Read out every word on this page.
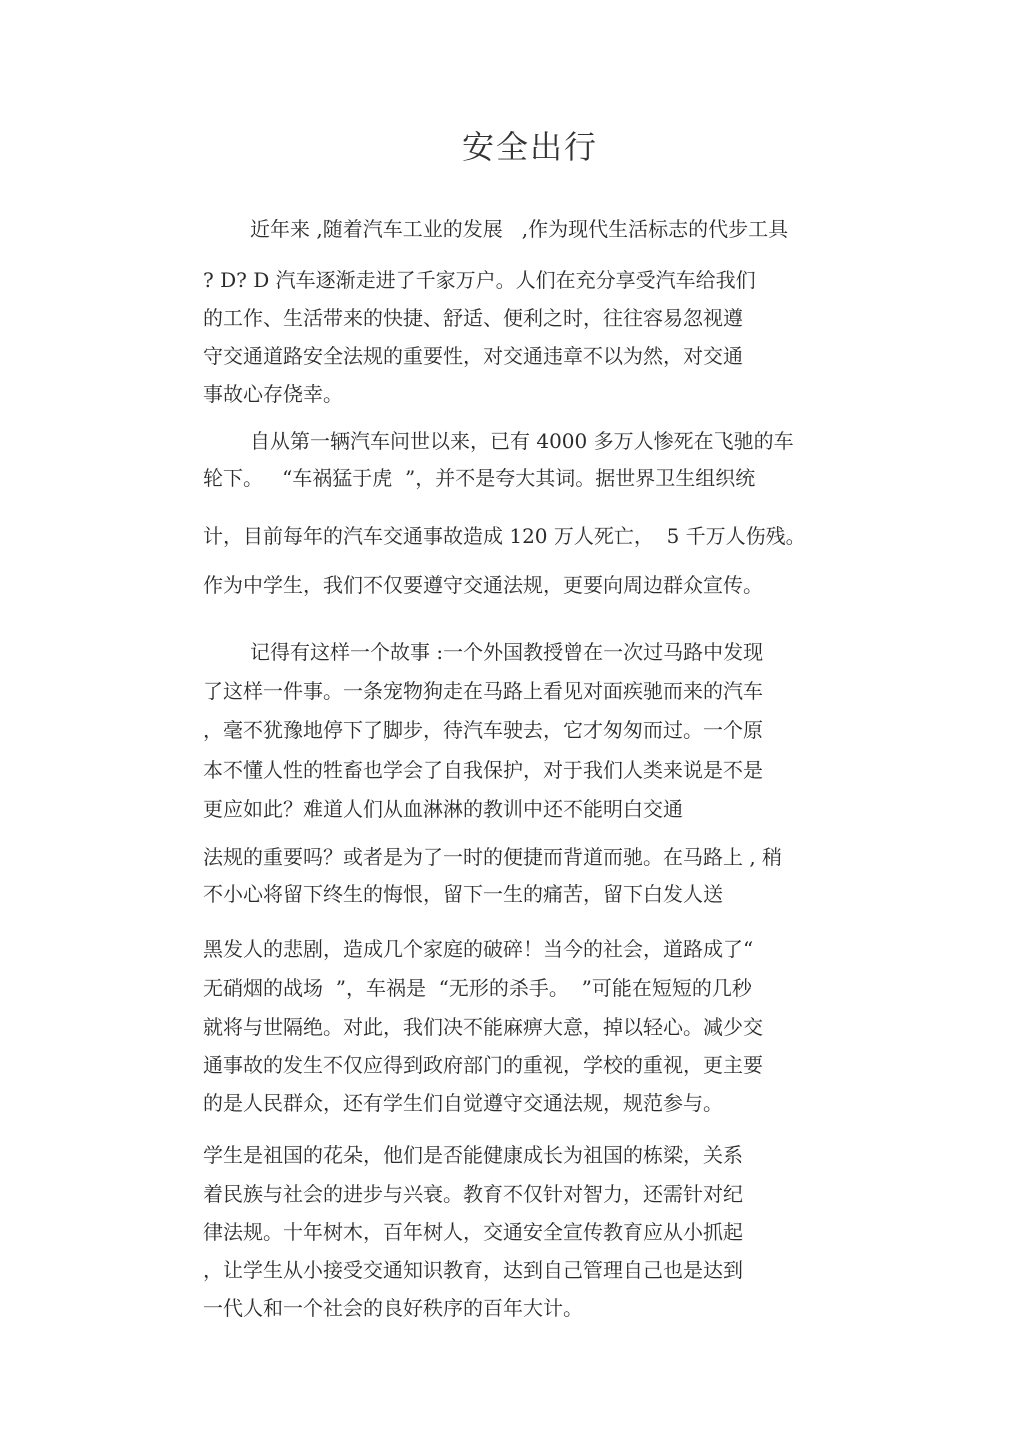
安全出行

近年来 ,随着汽车工业的发展   ,作为现代生活标志的代步工具

? D? D 汽车逐渐走进了千家万户。人们在充分享受汽车给我们

的工作、生活带来的快捷、舒适、便利之时，往往容易忽视遵

守交通道路安全法规的重要性，对交通违章不以为然，对交通

事故心存侥幸。

自从第一辆汽车问世以来，已有 4000 多万人惨死在飞驰的车

轮下。   “车祸猛于虎  ”，并不是夸大其词。据世界卫生组织统

计，目前每年的汽车交通事故造成 120 万人死亡，  5 千万人伤残。

作为中学生，我们不仅要遵守交通法规，更要向周边群众宣传。

记得有这样一个故事 :一个外国教授曾在一次过马路中发现

了这样一件事。一条宠物狗走在马路上看见对面疾驰而来的汽车

，毫不犹豫地停下了脚步，待汽车驶去，它才匆匆而过。一个原

本不懂人性的牲畜也学会了自我保护，对于我们人类来说是不是

更应如此？难道人们从血淋淋的教训中还不能明白交通

法规的重要吗？或者是为了一时的便捷而背道而驰。在马路上 , 稍

不小心将留下终生的悔恨，留下一生的痛苦，留下白发人送

黑发人的悲剧，造成几个家庭的破碎！当今的社会，道路成了“

无硝烟的战场  ”，车祸是  “无形的杀手。  ”可能在短短的几秒

就将与世隔绝。对此，我们决不能麻痹大意，掉以轻心。减少交

通事故的发生不仅应得到政府部门的重视，学校的重视，更主要

的是人民群众，还有学生们自觉遵守交通法规，规范参与。

学生是祖国的花朵，他们是否能健康成长为祖国的栋梁，关系

着民族与社会的进步与兴衰。教育不仅针对智力，还需针对纪

律法规。十年树木，百年树人，交通安全宣传教育应从小抓起

，让学生从小接受交通知识教育，达到自己管理自己也是达到

一代人和一个社会的良好秩序的百年大计。
